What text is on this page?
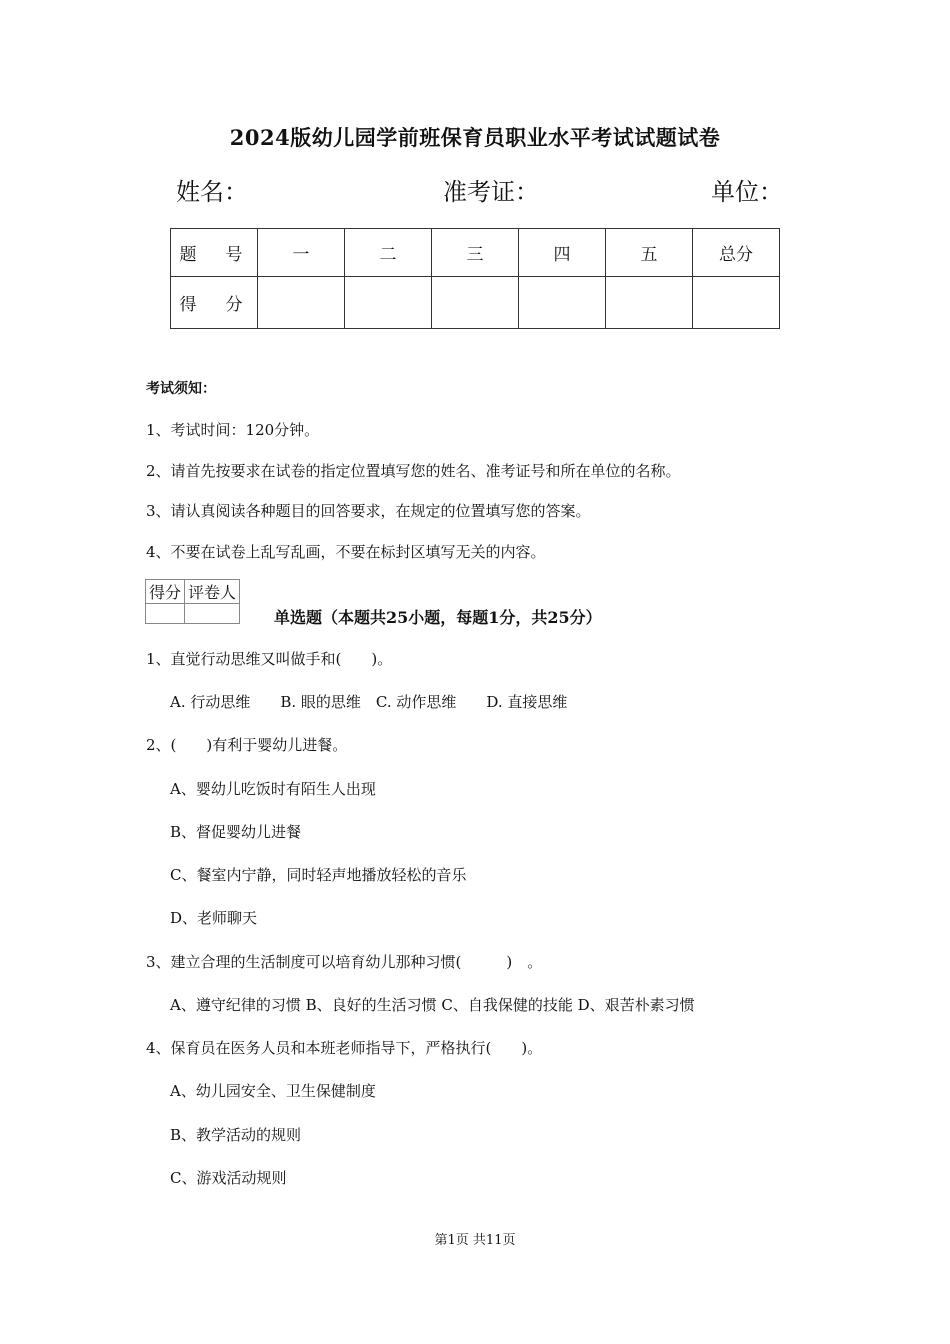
2024版幼儿园学前班保育员职业水平考试试题试卷
姓名：	准考证：	单位：
题　号	一	二	三	四	五	总分
得　分						
考试须知：
1、考试时间：120分钟。
2、请首先按要求在试卷的指定位置填写您的姓名、准考证号和所在单位的名称。
3、请认真阅读各种题目的回答要求，在规定的位置填写您的答案。
4、不要在试卷上乱写乱画，不要在标封区填写无关的内容。
得分	评卷人

单选题（本题共25小题，每题1分，共25分）
1、直觉行动思维又叫做手和(　　)。
A. 行动思维　　B. 眼的思维　C. 动作思维　　D. 直接思维
2、(　　)有利于婴幼儿进餐。
A、婴幼儿吃饭时有陌生人出现
B、督促婴幼儿进餐
C、餐室内宁静，同时轻声地播放轻松的音乐
D、老师聊天
3、建立合理的生活制度可以培育幼儿那种习惯(　　　)　。
A、遵守纪律的习惯 B、良好的生活习惯 C、自我保健的技能 D、艰苦朴素习惯
4、保育员在医务人员和本班老师指导下，严格执行(　　)。
A、幼儿园安全、卫生保健制度
B、教学活动的规则
C、游戏活动规则
第1页 共11页
